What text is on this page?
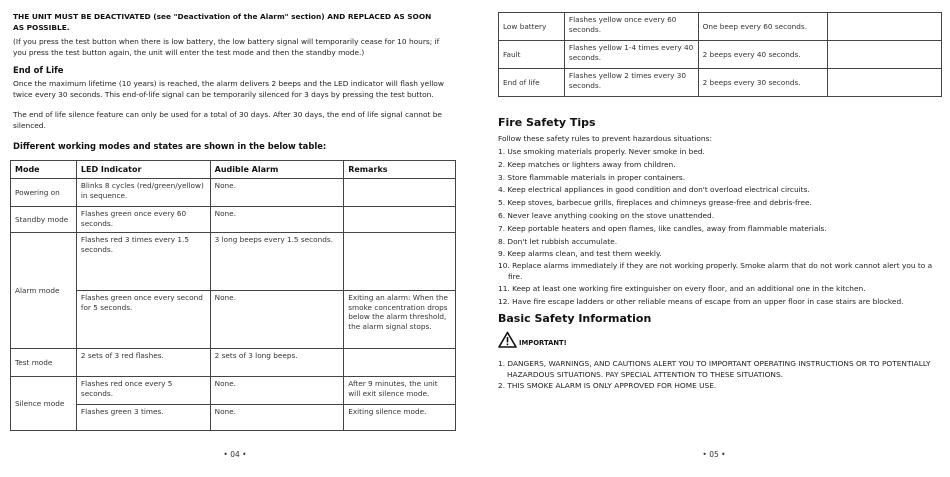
THE UNIT MUST BE DEACTIVATED (see "Deactivation of the Alarm" section) AND REPLACED AS SOON AS POSSIBLE.
(If you press the test button when there is low battery, the low battery signal will temporarily cease for 10 hours; if you press the test button again, the unit will enter the test mode and then the standby mode.)
End of Life
Once the maximum lifetime (10 years) is reached, the alarm delivers 2 beeps and the LED indicator will flash yellow twice every 30 seconds. This end-of-life signal can be temporarily silenced for 3 days by pressing the test button.
The end of life silence feature can only be used for a total of 30 days. After 30 days, the end of life signal cannot be silenced.
Different working modes and states are shown in the below table:
Mode	LED Indicator	Audible Alarm	Remarks
Powering on	Blinks 8 cycles (red/green/yellow) in sequence.	None.	
Standby mode	Flashes green once every 60 seconds.	None.	
Alarm mode	Flashes red 3 times every 1.5 seconds.	3 long beeps every 1.5 seconds.	
	Flashes green once every second for 5 seconds.	None.	Exiting an alarm: When the smoke concentration drops below the alarm threshold, the alarm signal stops.
Test mode	2 sets of 3 red flashes.	2 sets of 3 long beeps.	
Silence mode	Flashes red once every 5 seconds.	None.	After 9 minutes, the unit will exit silence mode.
	Flashes green 3 times.	None.	Exiting silence mode.
• 04 •
Low battery	Flashes yellow once every 60 seconds.	One beep every 60 seconds.	
Fault	Flashes yellow 1-4 times every 40 seconds.	2 beeps every 40 seconds.	
End of life	Flashes yellow 2 times every 30 seconds.	2 beeps every 30 seconds.	
Fire Safety Tips
Follow these safety rules to prevent hazardous situations:
1. Use smoking materials properly. Never smoke in bed.
2. Keep matches or lighters away from children.
3. Store flammable materials in proper containers.
4. Keep electrical appliances in good condition and don't overload electrical circuits.
5. Keep stoves, barbecue grills, fireplaces and chimneys grease-free and debris-free.
6. Never leave anything cooking on the stove unattended.
7. Keep portable heaters and open flames, like candles, away from flammable materials.
8. Don't let rubbish accumulate.
9. Keep alarms clean, and test them weekly.
10. Replace alarms immediately if they are not working properly. Smoke alarm that do not work cannot alert you to a fire.
11. Keep at least one working fire extinguisher on every floor, and an additional one in the kitchen.
12. Have fire escape ladders or other reliable means of escape from an upper floor in case stairs are blocked.
Basic Safety Information
IMPORTANT!
1. DANGERS, WARNINGS, AND CAUTIONS ALERT YOU TO IMPORTANT OPERATING INSTRUCTIONS OR TO POTENTIALLY HAZARDOUS SITUATIONS. PAY SPECIAL ATTENTION TO THESE SITUATIONS.
2. THIS SMOKE ALARM IS ONLY APPROVED FOR HOME USE.
• 05 •
